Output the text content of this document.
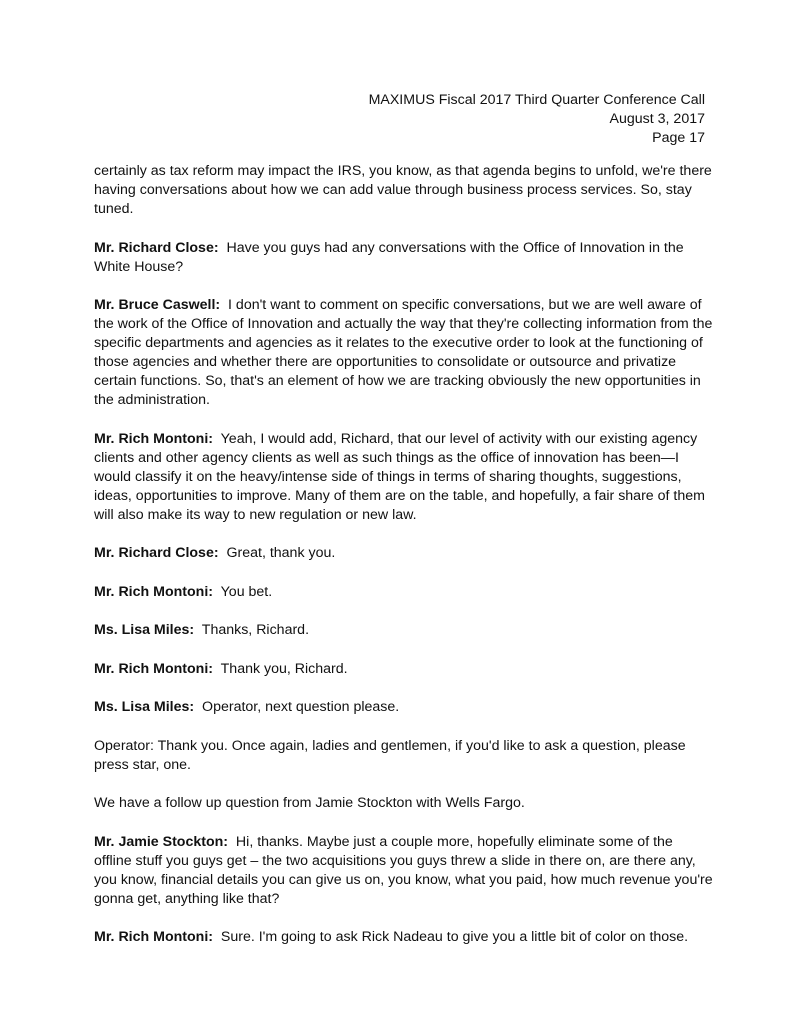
MAXIMUS Fiscal 2017 Third Quarter Conference Call
August 3, 2017
Page 17

certainly as tax reform may impact the IRS, you know, as that agenda begins to unfold, we're there having conversations about how we can add value through business process services. So, stay tuned.

Mr. Richard Close: Have you guys had any conversations with the Office of Innovation in the White House?

Mr. Bruce Caswell: I don't want to comment on specific conversations, but we are well aware of the work of the Office of Innovation and actually the way that they're collecting information from the specific departments and agencies as it relates to the executive order to look at the functioning of those agencies and whether there are opportunities to consolidate or outsource and privatize certain functions. So, that's an element of how we are tracking obviously the new opportunities in the administration.

Mr. Rich Montoni: Yeah, I would add, Richard, that our level of activity with our existing agency clients and other agency clients as well as such things as the office of innovation has been—I would classify it on the heavy/intense side of things in terms of sharing thoughts, suggestions, ideas, opportunities to improve. Many of them are on the table, and hopefully, a fair share of them will also make its way to new regulation or new law.

Mr. Richard Close: Great, thank you.

Mr. Rich Montoni: You bet.

Ms. Lisa Miles: Thanks, Richard.

Mr. Rich Montoni: Thank you, Richard.

Ms. Lisa Miles: Operator, next question please.

Operator: Thank you. Once again, ladies and gentlemen, if you'd like to ask a question, please press star, one.

We have a follow up question from Jamie Stockton with Wells Fargo.

Mr. Jamie Stockton: Hi, thanks. Maybe just a couple more, hopefully eliminate some of the offline stuff you guys get – the two acquisitions you guys threw a slide in there on, are there any, you know, financial details you can give us on, you know, what you paid, how much revenue you're gonna get, anything like that?

Mr. Rich Montoni: Sure. I'm going to ask Rick Nadeau to give you a little bit of color on those.
